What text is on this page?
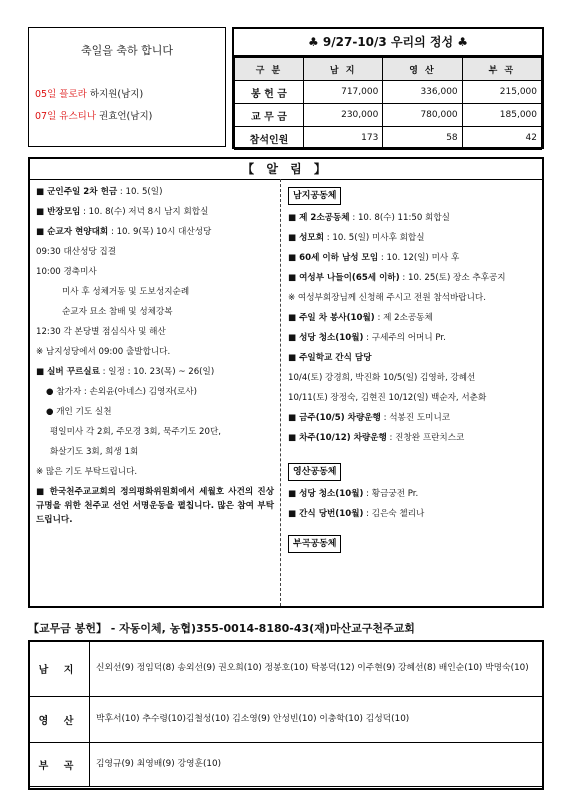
축일을 축하 합니다
05일 플로라 하지원(남지)
07일 유스티나 권효언(남지)
♣ 9/27-10/3 우리의 정성 ♣
구 분	남 지	영 산	부 곡
봉 헌 금	717,000	336,000	215,000
교 무 금	230,000	780,000	185,000
참석인원	173	58	42
【 알 림 】

■ 군인주일 2차 헌금 : 10. 5(일)

■ 반장모임 : 10. 8(수) 저녁 8시 남지 회합실

■ 순교자 현양대회 : 10. 9(목) 10시 대산성당

09:30 대산성당 집결

10:00 경축미사

미사 후 성체거동 및 도보성지순례

순교자 묘소 참배 및 성체강복

12:30 각 본당별 점심식사 및 해산

※ 남지성당에서 09:00 출발합니다.

■ 실버 꾸르실료 : 일정 : 10. 23(목) ~ 26(일)

● 참가자 : 손외윤(아네스) 김영자(로사)

● 개인 기도 실천

평일미사 각 2회, 주모경 3회, 묵주기도 20단,

화살기도 3회, 희생 1회

※ 많은 기도 부탁드립니다.

■ 한국천주교교회의 정의평화위원회에서 세월호 사건의 진상규명을 위한 천주교 선언 서명운동을 펼칩니다. 많은 참여 부탁드립니다.

남지공동체

■ 제 2소공동체 : 10. 8(수) 11:50 회합실

■ 성모회 : 10. 5(일) 미사후 회합실

■ 60세 이하 남성 모임 : 10. 12(일) 미사 후

■ 여성부 나들이(65세 이하) : 10. 25(토) 장소 추후공지

※ 여성부회장님께 신청해 주시고 전원 참석바랍니다.

■ 주일 차 봉사(10월) : 제 2소공동체

■ 성당 청소(10월) : 구세주의 어머니 Pr.

■ 주일학교 간식 담당

10/4(토) 강경희, 박진화 10/5(일) 김영하, 강혜선

10/11(토) 장정숙, 김현진 10/12(일) 백순자, 서춘화

■ 금주(10/5) 차량운행 : 석봉진 도미니코

■ 차주(10/12) 차량운행 : 진창완 프란치스코

영산공동체

■ 성당 청소(10월) : 황금궁전 Pr.

■ 간식 당번(10월) : 김은숙 첼리나

부곡공동체

【교무금 봉헌】 - 자동이체, 농협)355-0014-8180-43(재)마산교구천주교회
남 지	신외선(9) 정임덕(8) 송외선(9) 권오희(10) 정봉호(10) 탁봉덕(12) 이주현(9) 강혜선(8) 배인순(10) 박명숙(10)
영 산	박후서(10) 추수령(10)김철성(10) 김소영(9) 안성빈(10) 이충학(10) 김성덕(10)
부 곡	김영규(9) 최영배(9) 강영훈(10)
